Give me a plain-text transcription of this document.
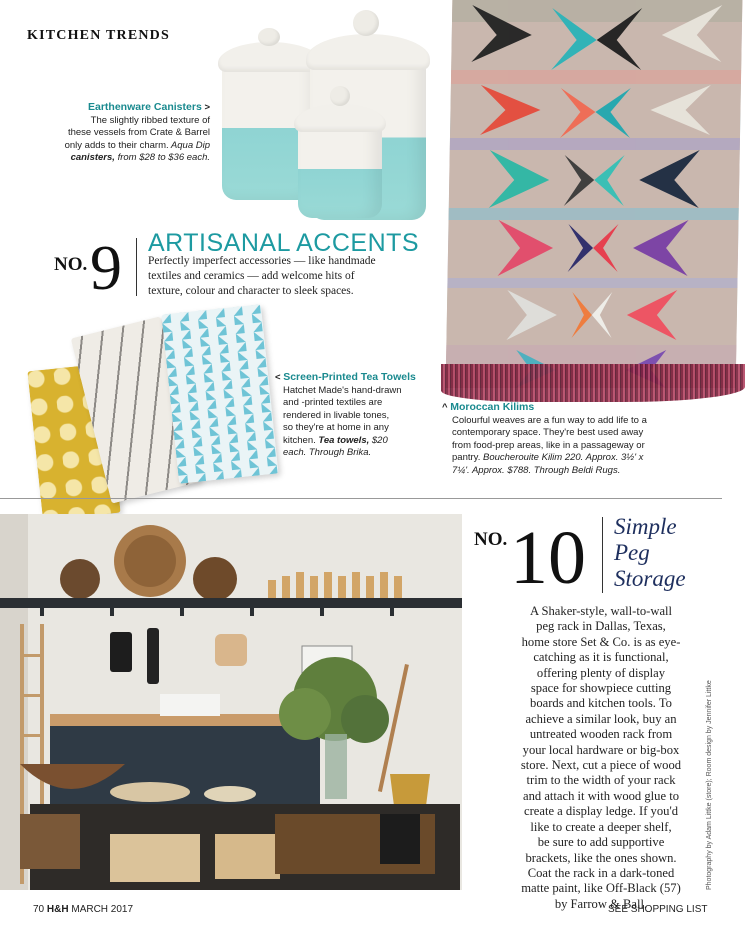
KITCHEN TRENDS
Earthenware Canisters >
The slightly ribbed texture of
these vessels from Crate & Barrel
only adds to their charm. Aqua Dip
canisters, from $28 to $36 each.
NO. 9 ARTISANAL ACCENTS
Perfectly imperfect accessories — like handmade
textiles and ceramics — add welcome hits of
texture, colour and character to sleek spaces.
< Screen-Printed Tea Towels
Hatchet Made's hand-drawn
and -printed textiles are
rendered in livable tones,
so they're at home in any
kitchen. Tea towels, $20
each. Through Brika.
^ Moroccan Kilims
Colourful weaves are a fun way to add life to a
contemporary space. They're best used away
from food-prep areas, like in a passageway or
pantry. Boucherouite Kilim 220. Approx. 3½' x
7¼'. Approx. $788. Through Beldi Rugs.
NO. 10 Simple
Peg
Storage
A Shaker-style, wall-to-wall
peg rack in Dallas, Texas,
home store Set & Co. is as eye-
catching as it is functional,
offering plenty of display
space for showpiece cutting
boards and kitchen tools. To
achieve a similar look, buy an
untreated wooden rack from
your local hardware or big-box
store. Next, cut a piece of wood
trim to the width of your rack
and attach it with wood glue to
create a display ledge. If you'd
like to create a deeper shelf,
be sure to add supportive
brackets, like the ones shown.
Coat the rack in a dark-toned
matte paint, like Off-Black (57)
by Farrow & Ball.
Photography by Adam Littke (store); Room design by Jennifer Littke
70 H&H MARCH 2017	SEE SHOPPING LIST
